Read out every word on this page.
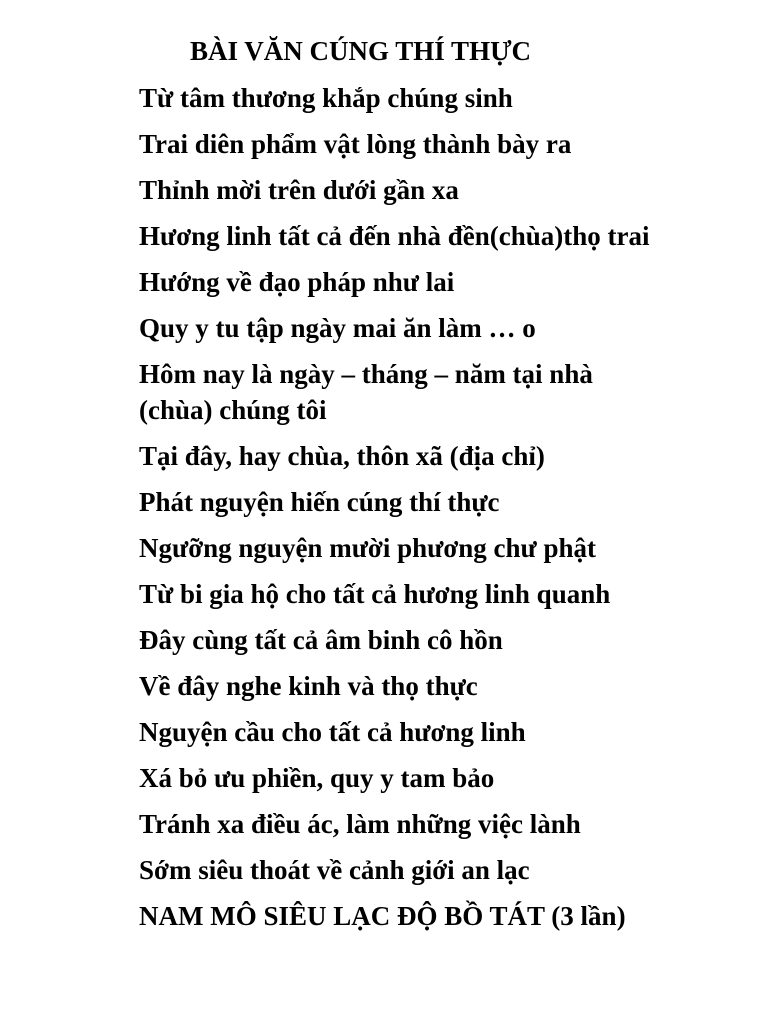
BÀI VĂN CÚNG THÍ THỰC
Từ tâm thương khắp chúng sinh
Trai diên phẩm vật lòng thành bày ra
Thỉnh mời trên dưới gần xa
Hương linh tất cả đến nhà đền(chùa)thọ trai
Hướng về đạo pháp như lai
Quy y tu tập ngày mai ăn làm … o
Hôm nay là ngày – tháng – năm tại nhà
(chùa) chúng tôi
Tại đây, hay chùa, thôn xã (địa chỉ)
Phát nguyện hiến cúng thí thực
Ngưỡng nguyện mười phương chư phật
Từ bi gia hộ cho tất cả hương linh quanh
Đây cùng tất cả âm binh cô hồn
Về đây nghe kinh và thọ thực
Nguyện cầu cho tất cả hương linh
Xá bỏ ưu phiền, quy y tam bảo
Tránh xa điều ác, làm những việc lành
Sớm siêu thoát về cảnh giới an lạc
NAM MÔ SIÊU LẠC ĐỘ BỒ TÁT (3 lần)
